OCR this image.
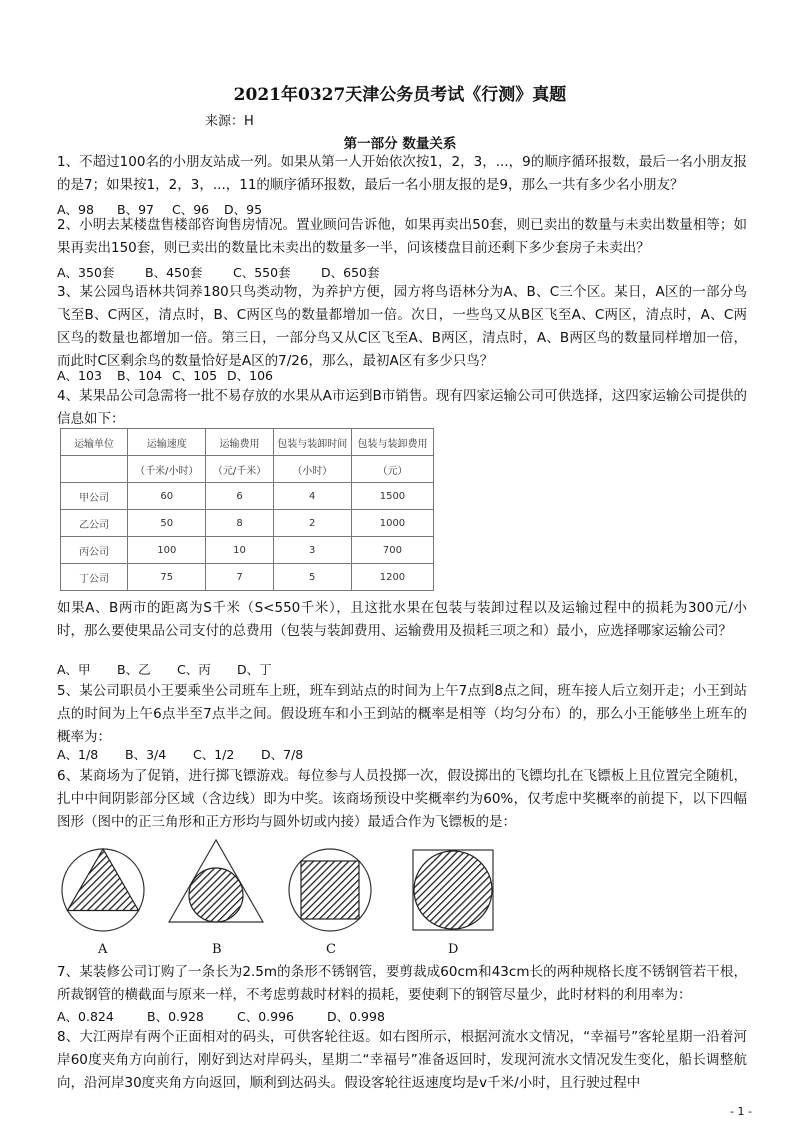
2021年0327天津公务员考试《行测》真题
来源：H
第一部分 数量关系

1、不超过100名的小朋友站成一列。如果从第一人开始依次按1，2，3，...，9的顺序循环报数，最后一名小朋友报的是7；如果按1，2，3，...，11的顺序循环报数，最后一名小朋友报的是9，那么一共有多少名小朋友？

A、98 B、97 C、96 D、95

2、小明去某楼盘售楼部咨询售房情况。置业顾问告诉他，如果再卖出50套，则已卖出的数量与未卖出数量相等；如果再卖出150套，则已卖出的数量比未卖出的数量多一半，问该楼盘目前还剩下多少套房子未卖出？

A、350套 B、450套 C、550套 D、650套

3、某公园鸟语林共饲养180只鸟类动物，为养护方便，园方将鸟语林分为A、B、C三个区。某日，A区的一部分鸟飞至B、C两区，清点时，B、C两区鸟的数量都增加一倍。次日，一些鸟又从B区飞至A、C两区，清点时，A、C两区鸟的数量也都增加一倍。第三日，一部分鸟又从C区飞至A、B两区，清点时，A、B两区鸟的数量同样增加一倍，而此时C区剩余鸟的数量恰好是A区的7/26，那么，最初A区有多少只鸟？

A、103 B、104 C、105 D、106

4、某果品公司急需将一批不易存放的水果从A市运到B市销售。现有四家运输公司可供选择，这四家运输公司提供的信息如下：

运输单位	运输速度	运输费用	包装与装卸时间	包装与装卸费用
	（千米/小时）	（元/千米）	（小时）	（元）
甲公司	60	6	4	1500
乙公司	50	8	2	1000
丙公司	100	10	3	700
丁公司	75	7	5	1200

如果A、B两市的距离为S千米（S<550千米），且这批水果在包装与装卸过程以及运输过程中的损耗为300元/小时，那么要使果品公司支付的总费用（包装与装卸费用、运输费用及损耗三项之和）最小，应选择哪家运输公司？

A、甲 B、乙 C、丙 D、丁

5、某公司职员小王要乘坐公司班车上班，班车到站点的时间为上午7点到8点之间，班车接人后立刻开走；小王到站点的时间为上午6点半至7点半之间。假设班车和小王到站的概率是相等（均匀分布）的，那么小王能够坐上班车的概率为：

A、1/8 B、3/4 C、1/2 D、7/8

6、某商场为了促销，进行掷飞镖游戏。每位参与人员投掷一次，假设掷出的飞镖均扎在飞镖板上且位置完全随机，扎中中间阴影部分区域（含边线）即为中奖。该商场预设中奖概率约为60%，仅考虑中奖概率的前提下，以下四幅图形（图中的正三角形和正方形均与圆外切或内接）最适合作为飞镖板的是：

A	B	C	D

7、某装修公司订购了一条长为2.5m的条形不锈钢管，要剪裁成60cm和43cm长的两种规格长度不锈钢管若干根，所裁钢管的横截面与原来一样，不考虑剪裁时材料的损耗，要使剩下的钢管尽量少，此时材料的利用率为：

A、0.824	B、0.928	C、0.996	D、0.998

8、大江两岸有两个正面相对的码头，可供客轮往返。如右图所示，根据河流水文情况，“幸福号”客轮星期一沿着河岸60度夹角方向前行，刚好到达对岸码头，星期二“幸福号”准备返回时，发现河流水文情况发生变化，船长调整航向，沿河岸30度夹角方向返回，顺利到达码头。假设客轮往返速度均是v千米/小时，且行驶过程中

- 1 -
